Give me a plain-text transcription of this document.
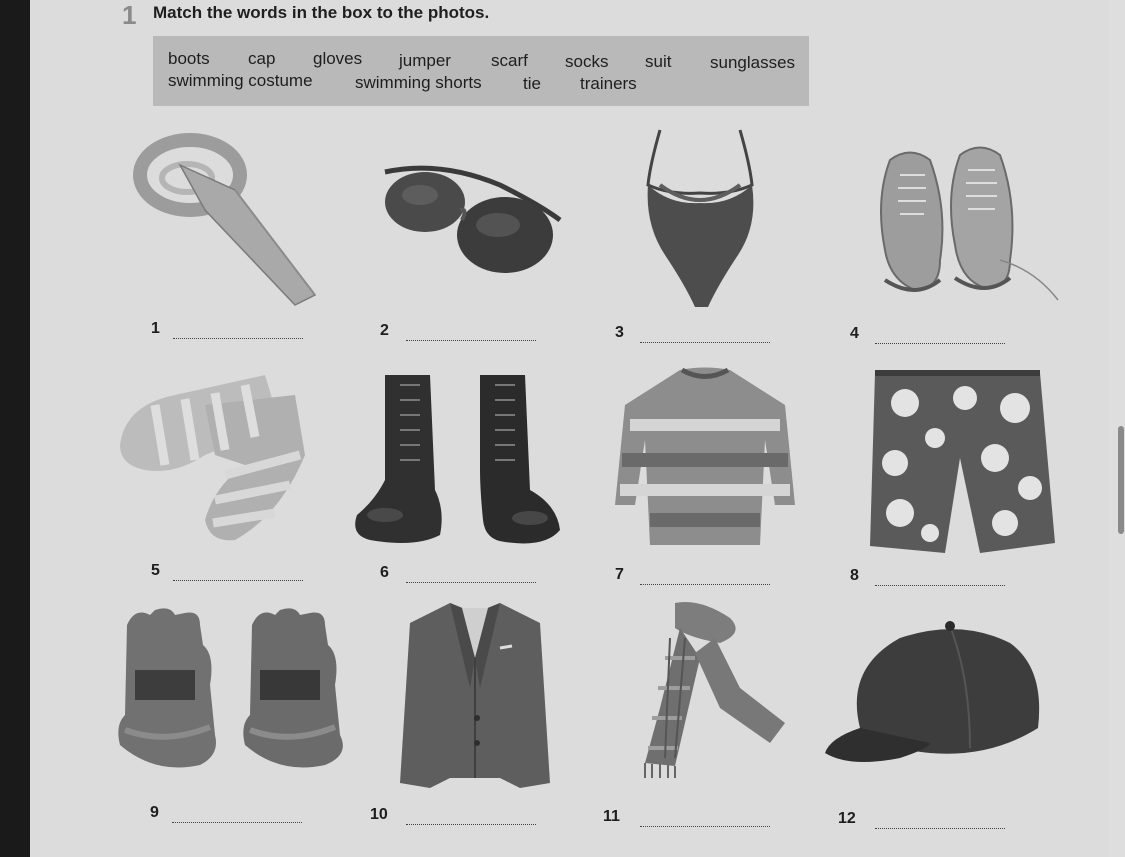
1 Match the words in the box to the photos.
boots cap gloves jumper scarf socks suit sunglasses
swimming costume swimming shorts tie trainers
1	2	3	4
5	6	7	8
9	10	11	12
